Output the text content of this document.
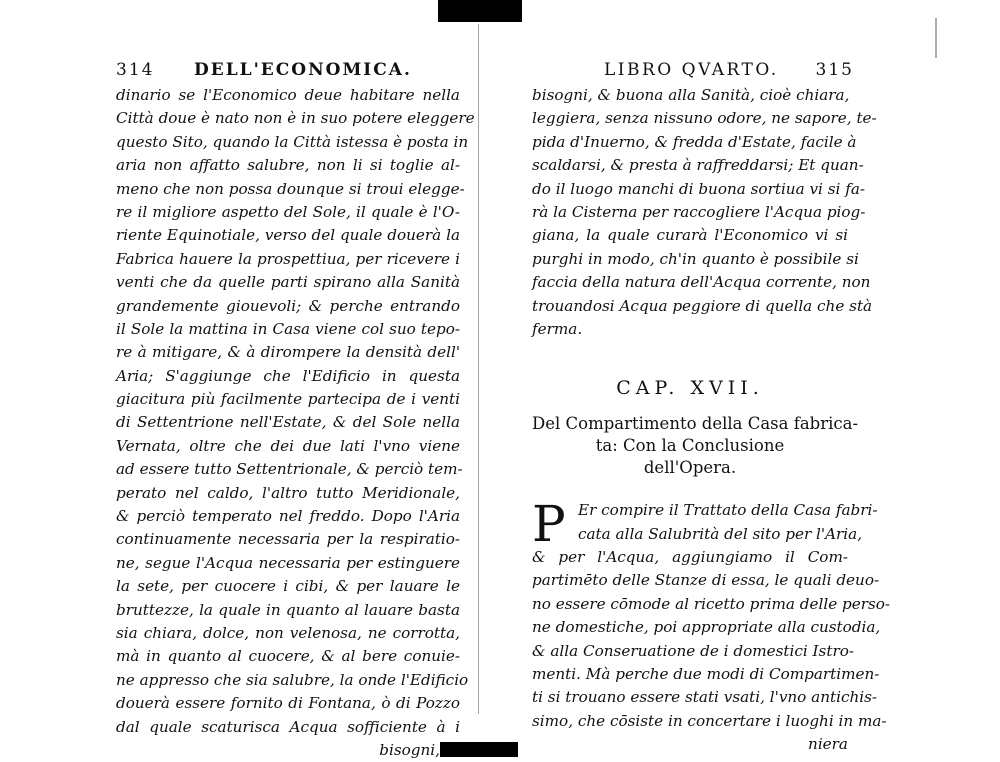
314 DELL'ECONOMICA.
dinario se l'Economico deue habitare nella
Città doue è nato non è in suo potere eleggere
questo Sito, quando la Città istessa è posta in
aria non affatto salubre, non li si toglie al-
meno che non possa dounque si troui elegge-
re il migliore aspetto del Sole, il quale è l'O-
riente Equinotiale, verso del quale douerà la
Fabrica hauere la prospettiua, per ricevere i
venti che da quelle parti spirano alla Sanità
grandemente giouevoli; & perche entrando
il Sole la mattina in Casa viene col suo tepo-
re à mitigare, & à dirompere la densità dell'
Aria; S'aggiunge che l'Edificio in questa
giacitura più facilmente partecipa de i venti
di Settentrione nell'Estate, & del Sole nella
Vernata, oltre che dei due lati l'vno viene
ad essere tutto Settentrionale, & perciò tem-
perato nel caldo, l'altro tutto Meridionale,
& perciò temperato nel freddo. Dopo l'Aria
continuamente necessaria per la respiratio-
ne, segue l'Acqua necessaria per estinguere
la sete, per cuocere i cibi, & per lauare le
bruttezze, la quale in quanto al lauare basta
sia chiara, dolce, non velenosa, ne corrotta,
mà in quanto al cuocere, & al bere conuie-
ne appresso che sia salubre, la onde l'Edificio
douerà essere fornito di Fontana, ò di Pozzo
dal quale scaturisca Acqua sofficiente à i
bisogni,
LIBRO QVARTO. 315
bisogni, & buona alla Sanità, cioè chiara,
leggiera, senza nissuno odore, ne sapore, te-
pida d'Inuerno, & fredda d'Estate, facile à
scaldarsi, & presta à raffreddarsi; Et quan-
do il luogo manchi di buona sortiua vi si fa-
rà la Cisterna per raccogliere l'Acqua piog-
giana, la quale curarà l'Economico vi si
purghi in modo, ch'in quanto è possibile si
faccia della natura dell'Acqua corrente, non
trouandosi Acqua peggiore di quella che stà
ferma.
CAP. XVII.
Del Compartimento della Casa fabrica-
ta: Con la Conclusione
dell'Opera.
P Er compire il Trattato della Casa fabri-
cata alla Salubrità del sito per l'Aria,
& per l'Acqua, aggiungiamo il Com-
partimēto delle Stanze di essa, le quali deuo-
no essere cōmode al ricetto prima delle perso-
ne domestiche, poi appropriate alla custodia,
& alla Conseruatione de i domestici Istro-
menti. Mà perche due modi di Compartimen-
ti si trouano essere stati vsati, l'vno antichis-
simo, che cōsiste in concertare i luoghi in ma-
niera
